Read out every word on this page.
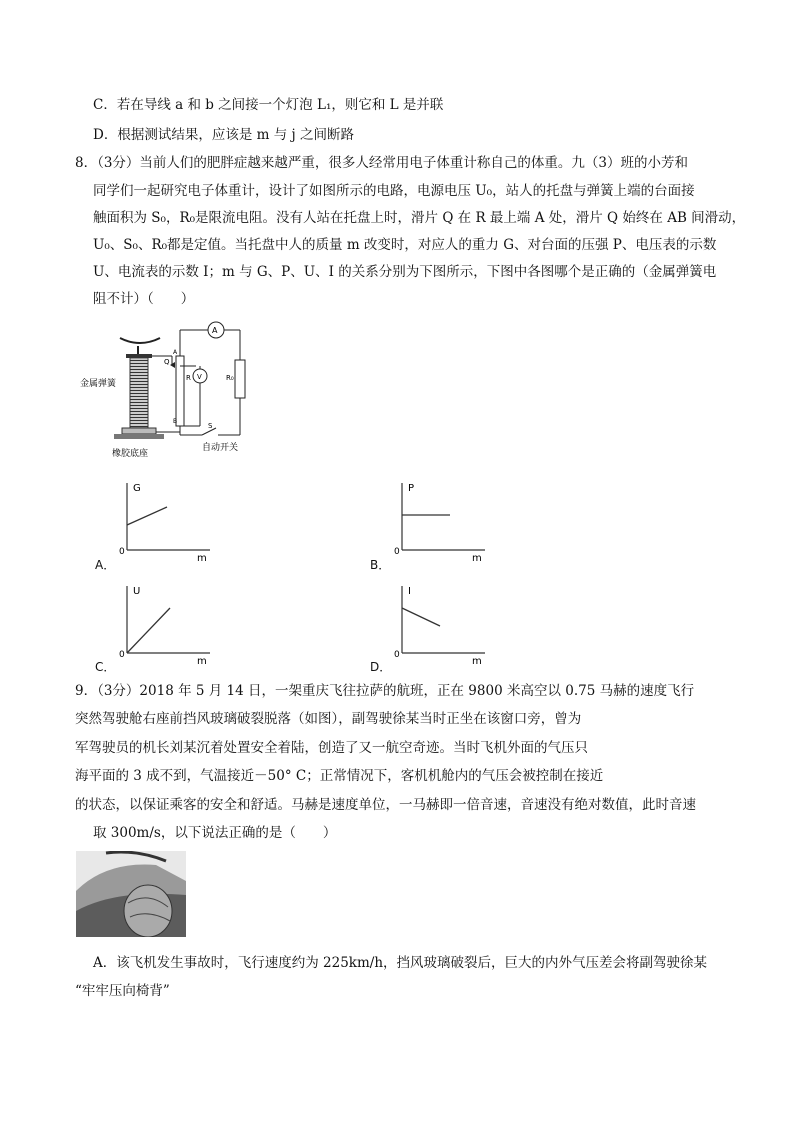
C．若在导线 a 和 b 之间接一个灯泡 L₁，则它和 L 是并联
D．根据测试结果，应该是 m 与 j 之间断路
8．（3分）当前人们的肥胖症越来越严重，很多人经常用电子体重计称自己的体重。九（3）班的小芳和
同学们一起研究电子体重计，设计了如图所示的电路，电源电压 U₀，站人的托盘与弹簧上端的台面接
触面积为 S₀，R₀是限流电阻。没有人站在托盘上时，滑片 Q 在 R 最上端 A 处，滑片 Q 始终在 AB 间滑动，
U₀、S₀、R₀都是定值。当托盘中人的质量 m 改变时，对应人的重力 G、对台面的压强 P、电压表的示数
U、电流表的示数 I；m 与 G、P、U、I 的关系分别为下图所示，下图中各图哪个是正确的（金属弹簧电
阻不计）（　　）
金属弹簧
橡胶底座
自动开关
A
V
R	R₀
Q
A
B
S
G
m
0
A．
P
m
0
B．
U
m
0
C．
I
m
0
D．
9．（3分）2018 年 5 月 14 日，一架重庆飞往拉萨的航班，正在 9800 米高空以 0.75 马赫的速度飞行
突然驾驶舱右座前挡风玻璃破裂脱落（如图），副驾驶徐某当时正坐在该窗口旁，曾为
军驾驶员的机长刘某沉着处置安全着陆，创造了又一航空奇迹。当时飞机外面的气压只
海平面的 3 成不到，气温接近－50° C；正常情况下，客机机舱内的气压会被控制在接近
的状态，以保证乘客的安全和舒适。马赫是速度单位，一马赫即一倍音速，音速没有绝对数值，此时音速
取 300m/s，以下说法正确的是（　　）
A．该飞机发生事故时，飞行速度约为 225km/h，挡风玻璃破裂后，巨大的内外气压差会将副驾驶徐某
“牢牢压向椅背”
